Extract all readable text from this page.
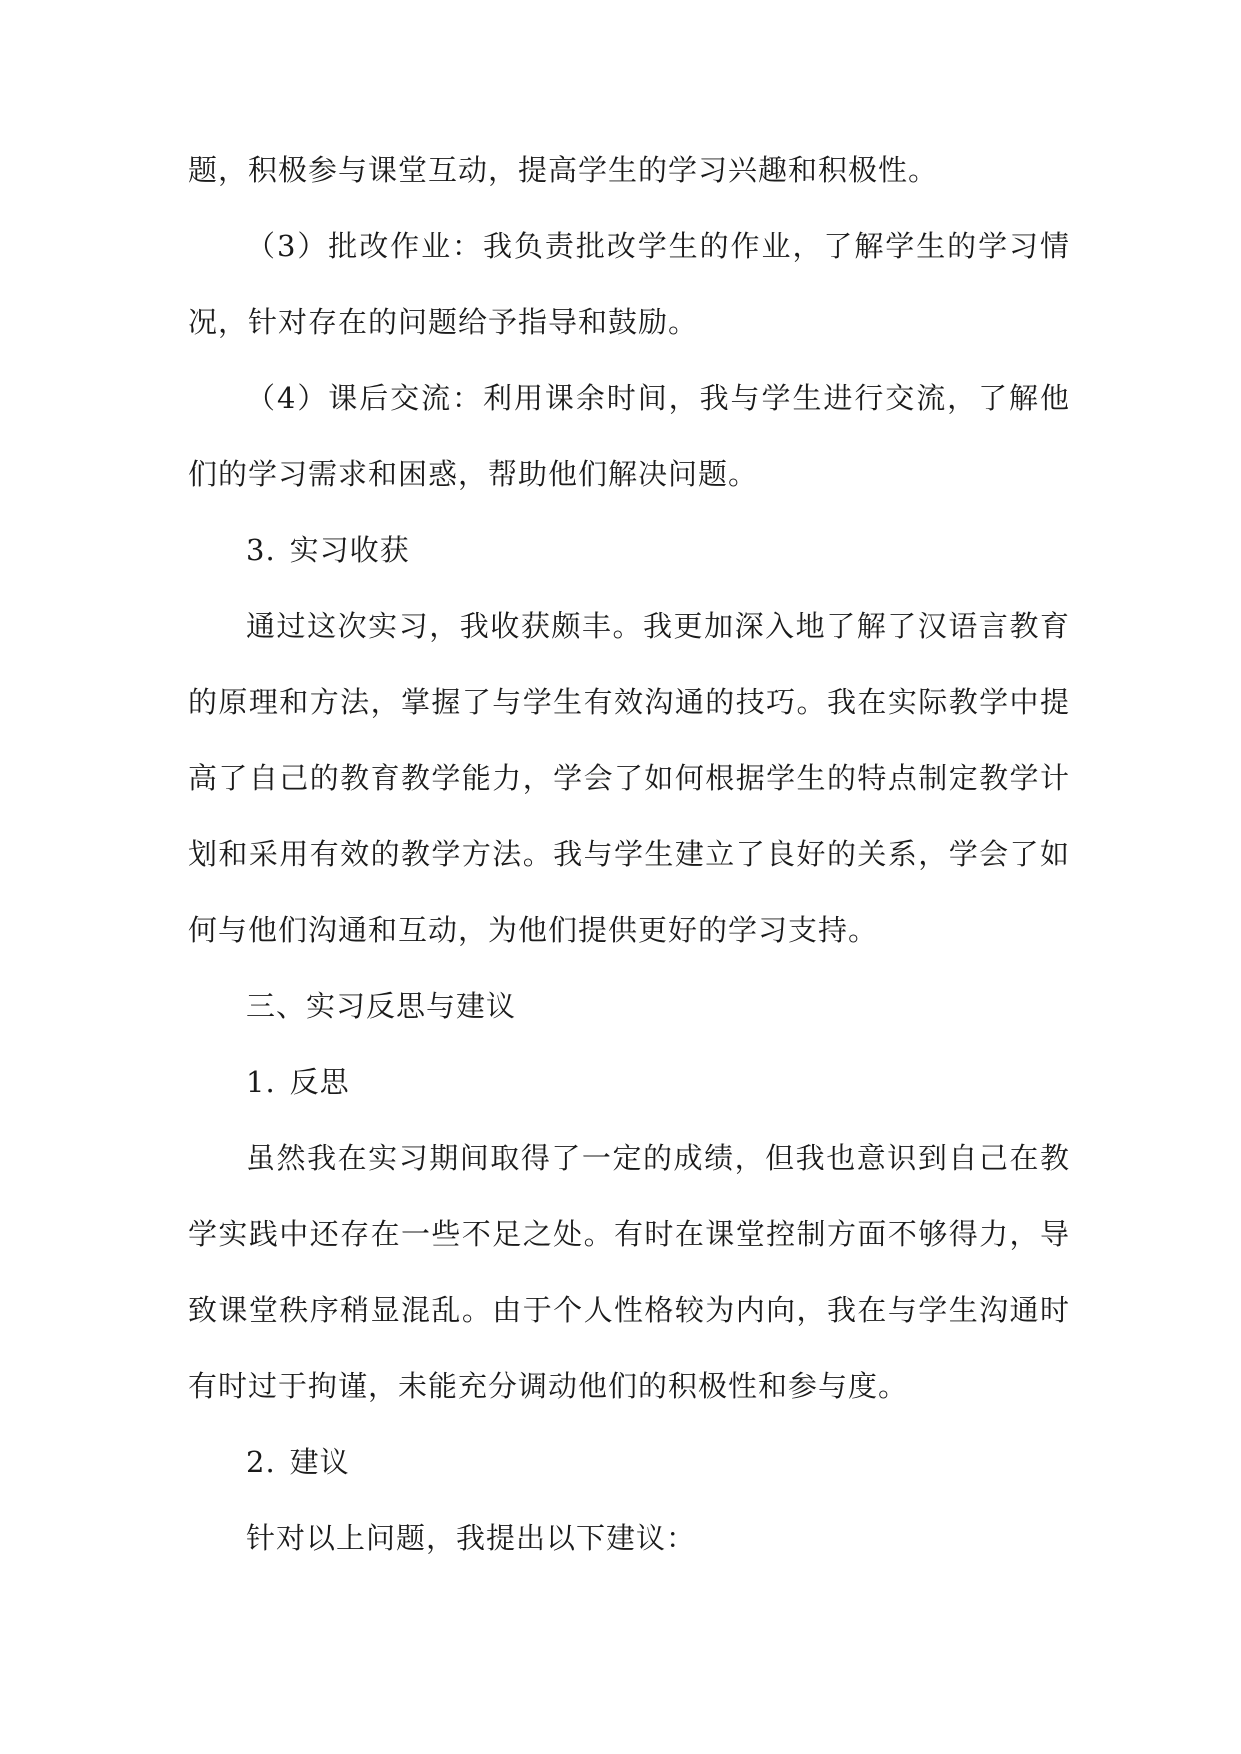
题，积极参与课堂互动，提高学生的学习兴趣和积极性。

（3）批改作业：我负责批改学生的作业，了解学生的学习情况，针对存在的问题给予指导和鼓励。

（4）课后交流：利用课余时间，我与学生进行交流，了解他们的学习需求和困惑，帮助他们解决问题。

3. 实习收获

通过这次实习，我收获颇丰。我更加深入地了解了汉语言教育的原理和方法，掌握了与学生有效沟通的技巧。我在实际教学中提高了自己的教育教学能力，学会了如何根据学生的特点制定教学计划和采用有效的教学方法。我与学生建立了良好的关系，学会了如何与他们沟通和互动，为他们提供更好的学习支持。

三、实习反思与建议

1. 反思

虽然我在实习期间取得了一定的成绩，但我也意识到自己在教学实践中还存在一些不足之处。有时在课堂控制方面不够得力，导致课堂秩序稍显混乱。由于个人性格较为内向，我在与学生沟通时有时过于拘谨，未能充分调动他们的积极性和参与度。

2. 建议

针对以上问题，我提出以下建议：
